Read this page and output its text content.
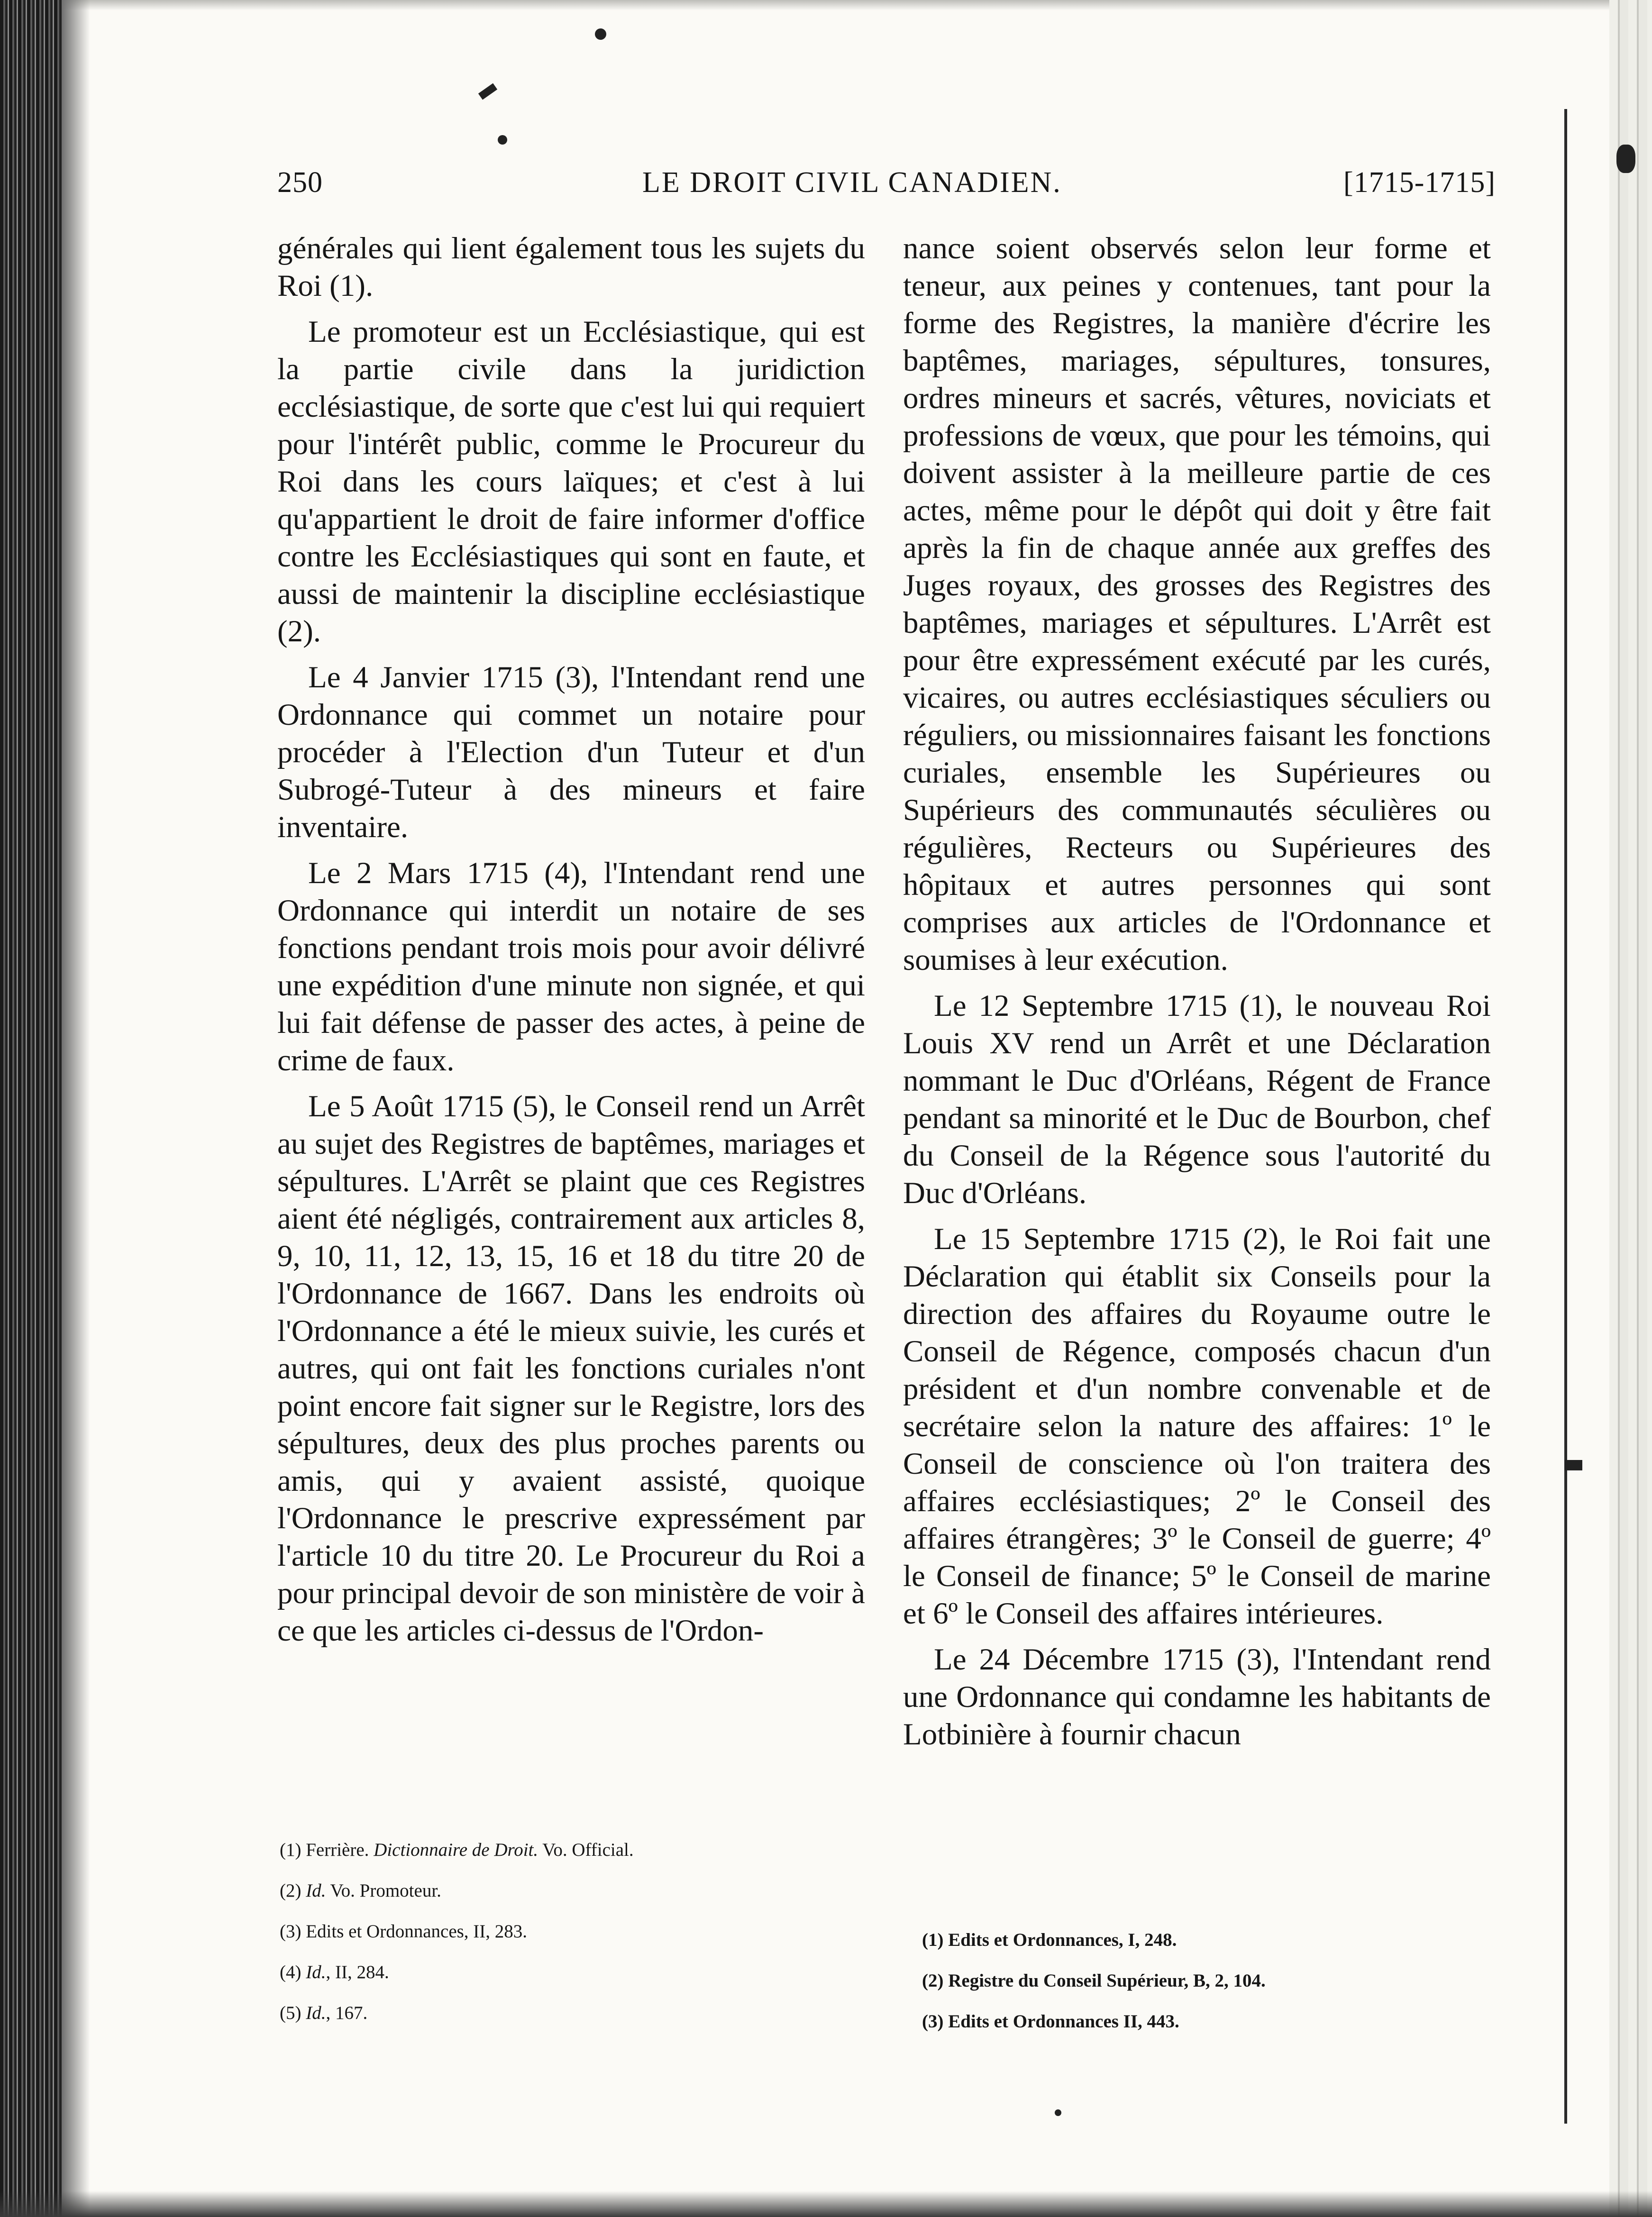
250	LE DROIT CIVIL CANADIEN.	[1715-1715]

générales qui lient également tous les sujets du Roi (1).

Le promoteur est un Ecclésiastique, qui est la partie civile dans la juridiction ecclésiastique, de sorte que c'est lui qui requiert pour l'intérêt public, comme le Procureur du Roi dans les cours laïques; et c'est à lui qu'appartient le droit de faire informer d'office contre les Ecclésiastiques qui sont en faute, et aussi de maintenir la discipline ecclésiastique (2).

Le 4 Janvier 1715 (3), l'Intendant rend une Ordonnance qui commet un notaire pour procéder à l'Election d'un Tuteur et d'un Subrogé-Tuteur à des mineurs et faire inventaire.

Le 2 Mars 1715 (4), l'Intendant rend une Ordonnance qui interdit un notaire de ses fonctions pendant trois mois pour avoir délivré une expédition d'une minute non signée, et qui lui fait défense de passer des actes, à peine de crime de faux.

Le 5 Août 1715 (5), le Conseil rend un Arrêt au sujet des Registres de baptêmes, mariages et sépultures. L'Arrêt se plaint que ces Registres aient été négligés, contrairement aux articles 8, 9, 10, 11, 12, 13, 15, 16 et 18 du titre 20 de l'Ordonnance de 1667. Dans les endroits où l'Ordonnance a été le mieux suivie, les curés et autres, qui ont fait les fonctions curiales n'ont point encore fait signer sur le Registre, lors des sépultures, deux des plus proches parents ou amis, qui y avaient assisté, quoique l'Ordonnance le prescrive expressément par l'article 10 du titre 20. Le Procureur du Roi a pour principal devoir de son ministère de voir à ce que les articles ci-dessus de l'Ordon-

nance soient observés selon leur forme et teneur, aux peines y contenues, tant pour la forme des Registres, la manière d'écrire les baptêmes, mariages, sépultures, tonsures, ordres mineurs et sacrés, vêtures, noviciats et professions de vœux, que pour les témoins, qui doivent assister à la meilleure partie de ces actes, même pour le dépôt qui doit y être fait après la fin de chaque année aux greffes des Juges royaux, des grosses des Registres des baptêmes, mariages et sépultures. L'Arrêt est pour être expressément exécuté par les curés, vicaires, ou autres ecclésiastiques séculiers ou réguliers, ou missionnaires faisant les fonctions curiales, ensemble les Supérieures ou Supérieurs des communautés séculières ou régulières, Recteurs ou Supérieures des hôpitaux et autres personnes qui sont comprises aux articles de l'Ordonnance et soumises à leur exécution.

Le 12 Septembre 1715 (1), le nouveau Roi Louis XV rend un Arrêt et une Déclaration nommant le Duc d'Orléans, Régent de France pendant sa minorité et le Duc de Bourbon, chef du Conseil de la Régence sous l'autorité du Duc d'Orléans.

Le 15 Septembre 1715 (2), le Roi fait une Déclaration qui établit six Conseils pour la direction des affaires du Royaume outre le Conseil de Régence, composés chacun d'un président et d'un nombre convenable et de secrétaire selon la nature des affaires: 1º le Conseil de conscience où l'on traitera des affaires ecclésiastiques; 2º le Conseil des affaires étrangères; 3º le Conseil de guerre; 4º le Conseil de finance; 5º le Conseil de marine et 6º le Conseil des affaires intérieures.

Le 24 Décembre 1715 (3), l'Intendant rend une Ordonnance qui condamne les habitants de Lotbinière à fournir chacun

(1) Ferrière. Dictionnaire de Droit. Vo. Official.
(2) Id. Vo. Promoteur.
(3) Edits et Ordonnances, II, 283.
(4) Id., II, 284.
(5) Id., 167.
(1) Edits et Ordonnances, I, 248.
(2) Registre du Conseil Supérieur, B, 2, 104.
(3) Edits et Ordonnances II, 443.
